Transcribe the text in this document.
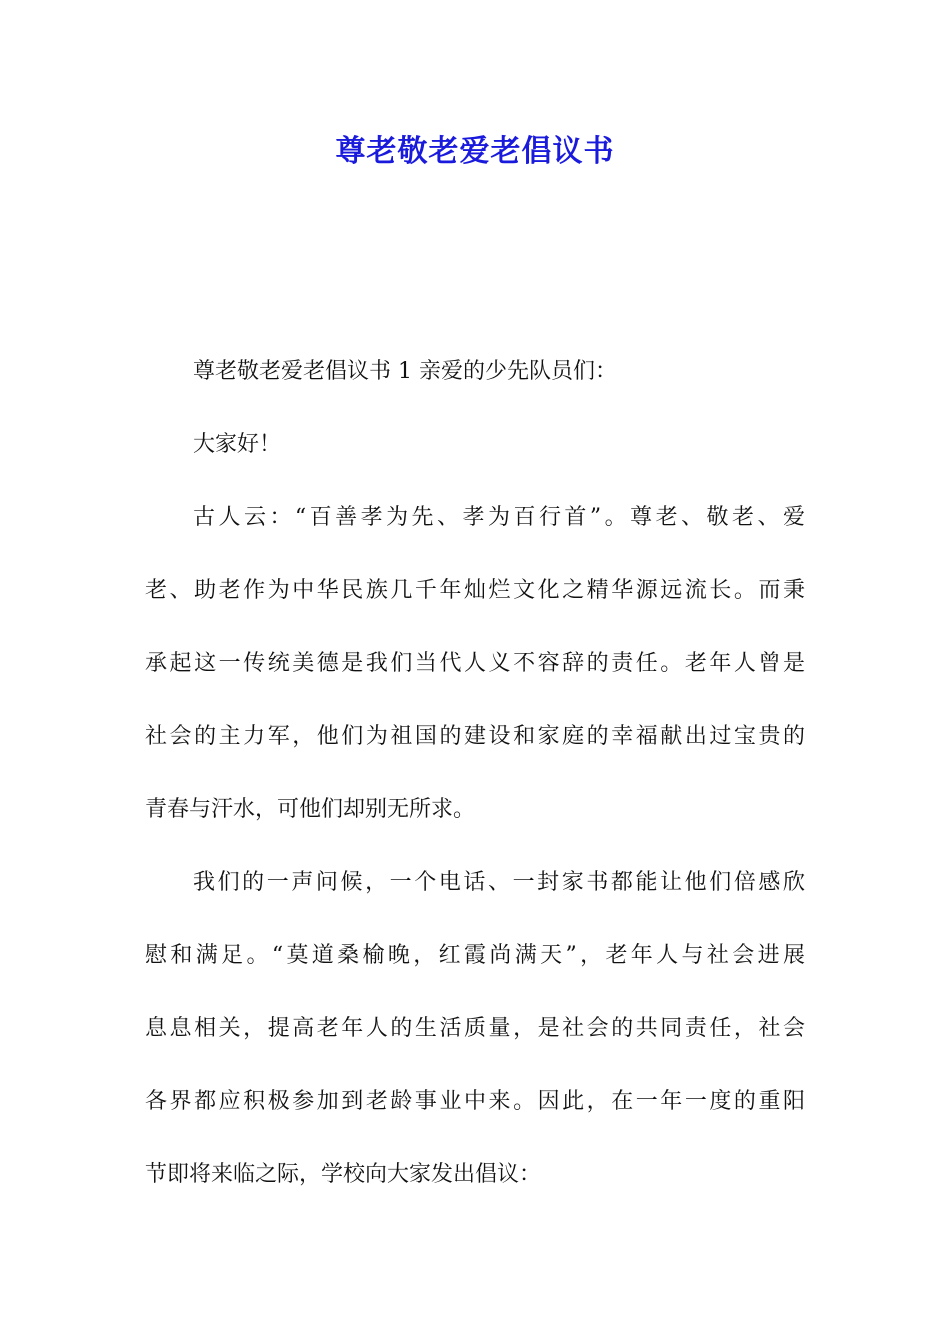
尊老敬老爱老倡议书

尊老敬老爱老倡议书 1 亲爱的少先队员们：

大家好！

古人云：“百善孝为先、孝为百行首”。尊老、敬老、爱
老、助老作为中华民族几千年灿烂文化之精华源远流长。而秉
承起这一传统美德是我们当代人义不容辞的责任。老年人曾是
社会的主力军，他们为祖国的建设和家庭的幸福献出过宝贵的
青春与汗水，可他们却别无所求。

我们的一声问候，一个电话、一封家书都能让他们倍感欣
慰和满足。“莫道桑榆晚，红霞尚满天”，老年人与社会进展
息息相关，提高老年人的生活质量，是社会的共同责任，社会
各界都应积极参加到老龄事业中来。因此，在一年一度的重阳
节即将来临之际，学校向大家发出倡议：
